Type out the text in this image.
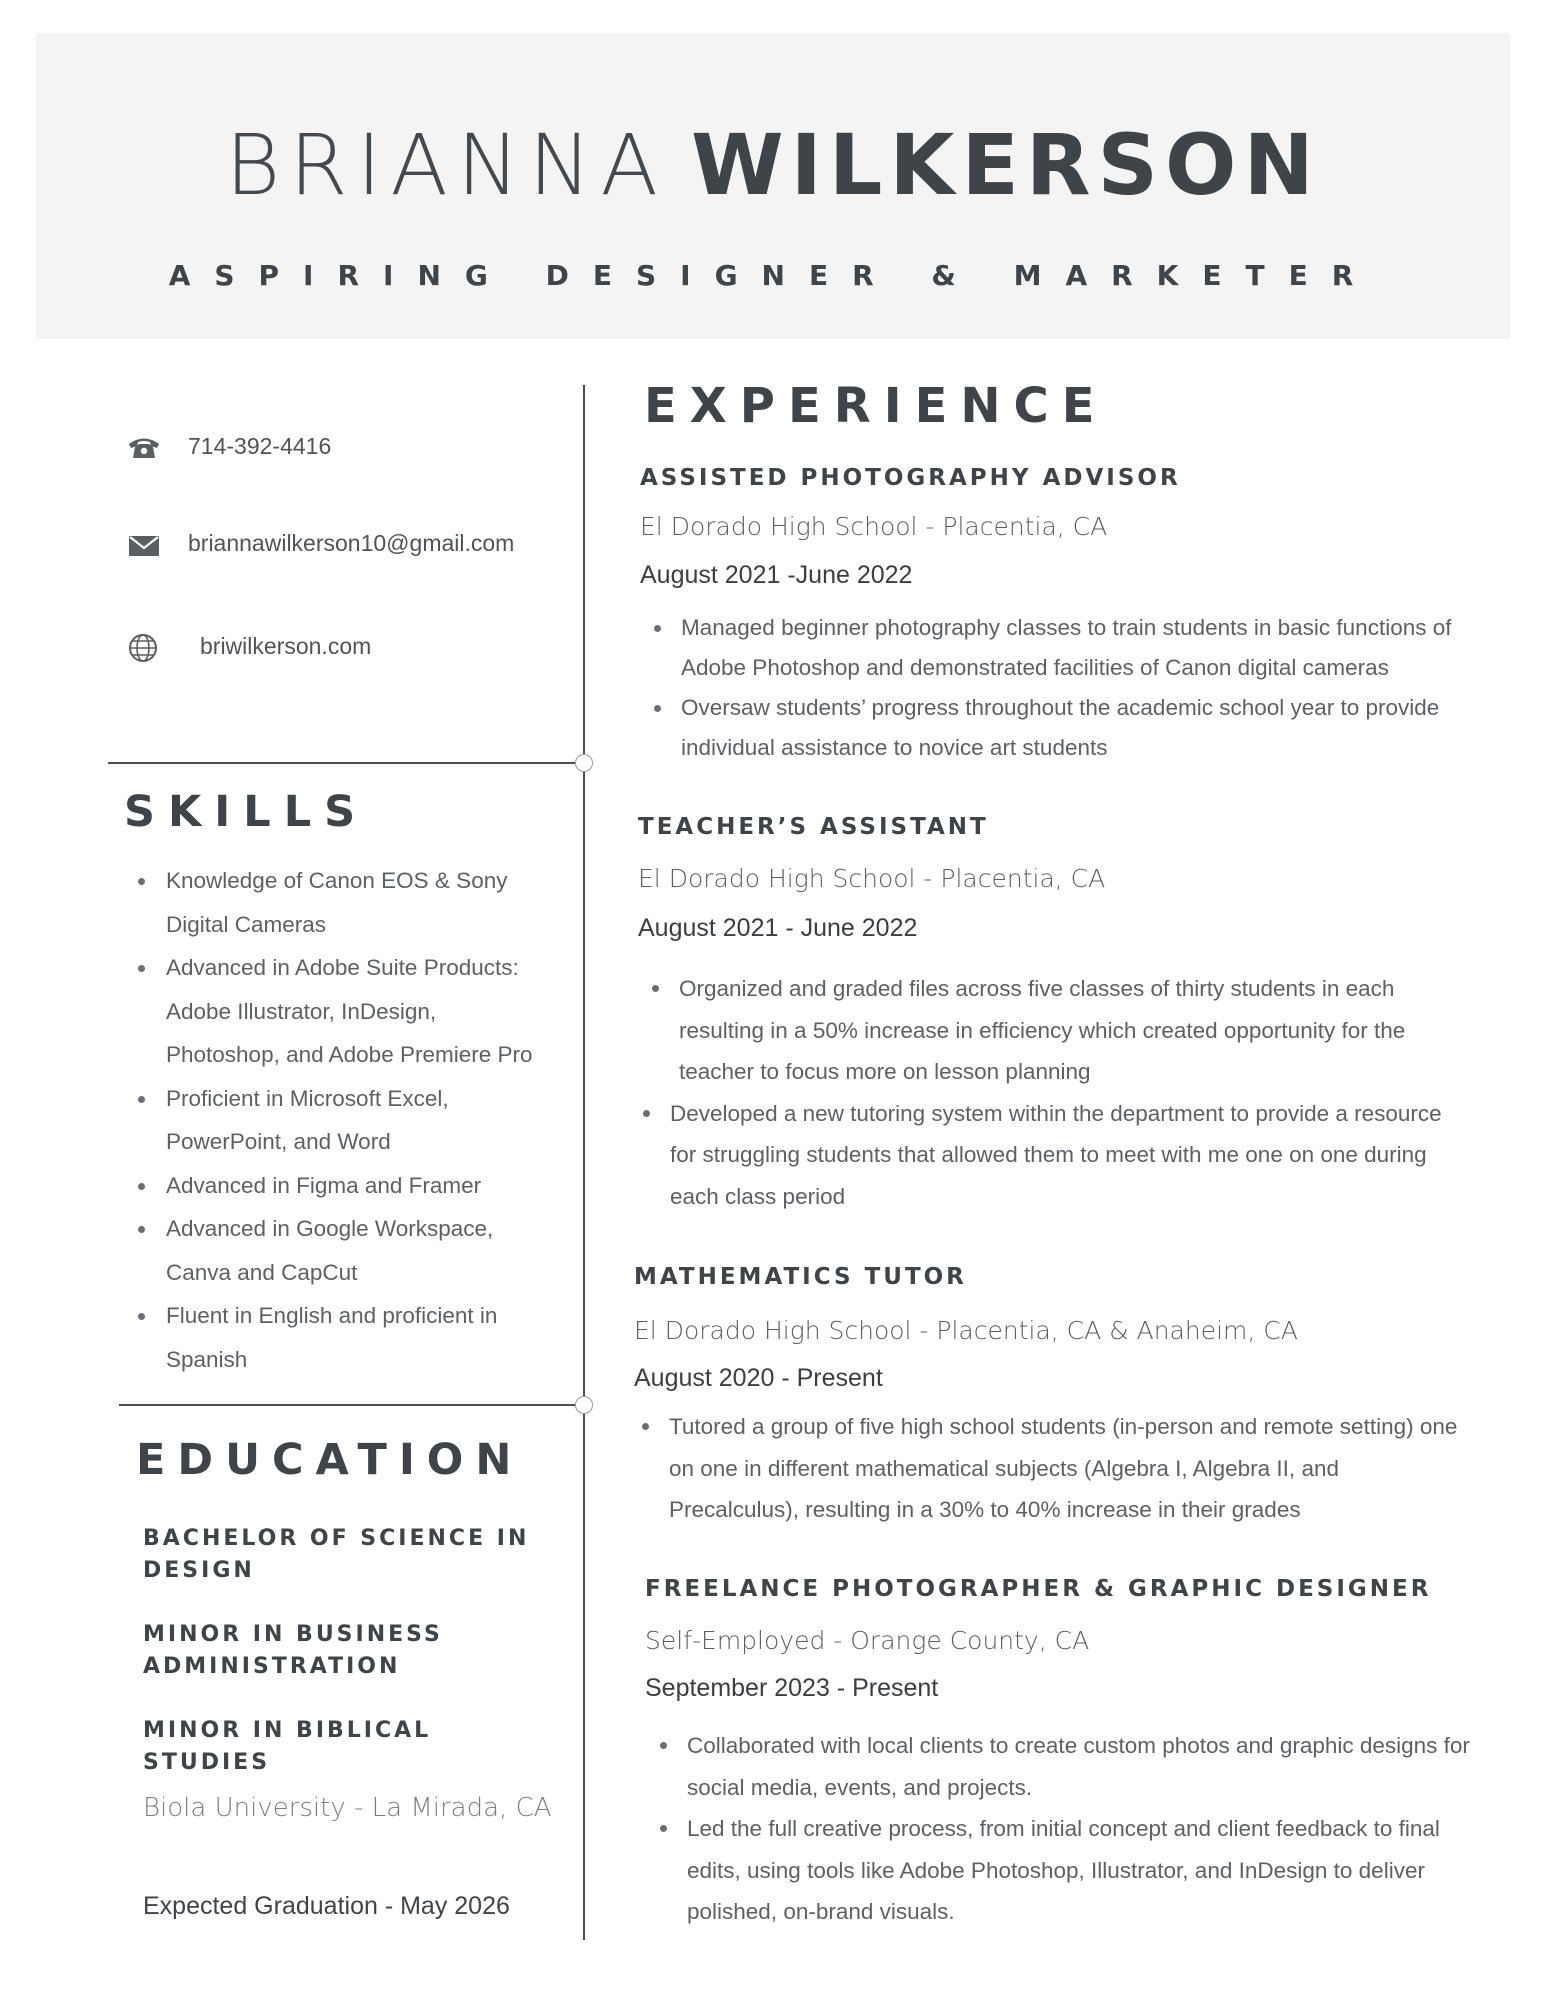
BRIANNA WILKERSON
ASPIRING DESIGNER & MARKETER
714-392-4416
briannawilkerson10@gmail.com
briwilkerson.com
SKILLS
Knowledge of Canon EOS & Sony
Digital Cameras
Advanced in Adobe Suite Products:
Adobe Illustrator, InDesign,
Photoshop, and Adobe Premiere Pro
Proficient in Microsoft Excel,
PowerPoint, and Word
Advanced in Figma and Framer
Advanced in Google Workspace,
Canva and CapCut
Fluent in English and proficient in
Spanish
EDUCATION
BACHELOR OF SCIENCE IN
DESIGN
MINOR IN BUSINESS
ADMINISTRATION
MINOR IN BIBLICAL STUDIES
Biola University - La Mirada, CA
Expected Graduation - May 2026
EXPERIENCE
ASSISTED PHOTOGRAPHY ADVISOR
El Dorado High School - Placentia, CA
August 2021 -June 2022
Managed beginner photography classes to train students in basic functions of
Adobe Photoshop and demonstrated facilities of Canon digital cameras
Oversaw students’ progress throughout the academic school year to provide
individual assistance to novice art students
TEACHER’S ASSISTANT
El Dorado High School - Placentia, CA
August 2021 - June 2022
Organized and graded files across five classes of thirty students in each
resulting in a 50% increase in efficiency which created opportunity for the
teacher to focus more on lesson planning
Developed a new tutoring system within the department to provide a resource
for struggling students that allowed them to meet with me one on one during
each class period
MATHEMATICS TUTOR
El Dorado High School - Placentia, CA & Anaheim, CA
August 2020 - Present
Tutored a group of five high school students (in-person and remote setting) one
on one in different mathematical subjects (Algebra I, Algebra II, and
Precalculus), resulting in a 30% to 40% increase in their grades
FREELANCE PHOTOGRAPHER & GRAPHIC DESIGNER
Self-Employed - Orange County, CA
September 2023 - Present
Collaborated with local clients to create custom photos and graphic designs for
social media, events, and projects.
Led the full creative process, from initial concept and client feedback to final
edits, using tools like Adobe Photoshop, Illustrator, and InDesign to deliver
polished, on-brand visuals.
